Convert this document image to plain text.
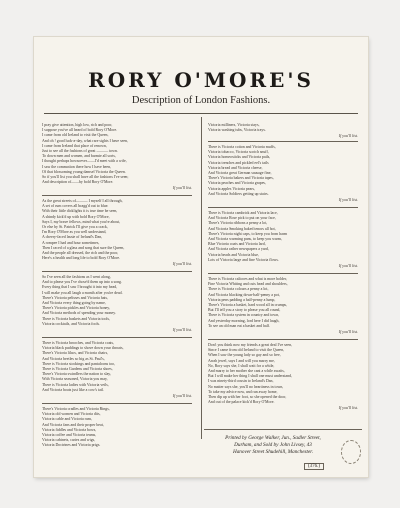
RORY O'MORE'S
Description of London Fashions.
I pray give attention, high low, rich and poor,
I suppose you've all heard of bold Rory O'More.
I came from old Ireland to visit the Queen,
And oh ! good luck-a-day, what rare sights I have seen,
I came from Ireland that place of renown,
Just to see all the fashions of great ——— town.
To down men and women, and barmie all sorts,
I thought perhaps howsoever——I'd meet with a wife,
I saw the commotion there how I have been,
Of that blossoming young damsel Victoria the Queen.
So if you'll list you shall have all the fashions I've seen;
And description of——by bold Rory O'More.
If you'll list.
As the great streets of——— I myself I all through,
A set of rum covers all bragg'd out to blue.
With their little dicklights it is true time be seen,
A shindy kick'd up with bold Rory O'More,
Says I, my brave fellows, mind what you're about,
Or else by St. Patrick I'll give you a crack,
I'm Rory O'More as you well understand,
A cheery-faced lassie of Ireland's Dan,
A rompee I had and hour sometimes,
Then I raced of a glass and song that sure the Queen,
And the people all dressed, the rich and the poor,
Here's a health and long life to bold Rory O'More.
If you'll list.
So I've seen all the fashions as I went along,
And to please you I've chose'd them up into a song.
Every thing that I saw I brought it into my head,
I will make you all laugh a month after you're dead.
There's Victoria pelisses and Victoria hats,
And Victoria every thing going by name,
There's Victoria pickles and Victoria honey,
And Victoria methods of spending your money.
There is Victoria baskets and Victoria tools,
Victoria cocktails, and Victoria fools.
If you'll list.
There is Victoria brooches, and Victoria coats,
Victoria black puddings to shove down your throats,
There's Victoria lilacs, and Victoria chairs,
And Victoria beetles so big as St. Paul's,
There is Victoria stockings and pantaloons too,
There is Victoria Gardens and Victoria shoes,
There's Victoria swindlers the nation to slay,
With Victoria seasoned, Victoria you may,
There is Victoria ladies with Victoria veils,
And Victoria boats just like a cow's tail.
If you'll list.
There's Victoria cradles and Victoria Rings,
Victoria old women and Victoria dits,
Victoria cable and Victoria rum,
And Victoria fans and their proper beat,
Victoria fiddles and Victoria bows,
Victoria coffee and Victoria teams,
Victoria cabinets, caries and wigs,
Victoria Doctrines and Victoria prigs.
Victoria milliners, Victoria stays,
Victoria washing tubs, Victoria trays.
If you'll list.
There is Victoria cotton and Victoria muffs,
Victoria tobacco, Victoria scotch snuff,
Victoria homeosticks and Victoria pails,
Victoria trenches and pickled eel's tails
Victoria bread and Victoria cheese,
And Victoria great German sausage fine,
There's Victoria bakers and Victoria tapes,
Victoria peaches and Victoria grapes,
Victoria apples Victoria pears,
And Victoria Soldiers getting up stairs.
If you'll list.
There is Victoria cambrick and Victoria lace,
And Victoria Rose pick to put on your face,
There's Victoria ribbons a penny a lot,
And Victoria Smoking baked tenors all hot,
There's Victoria night caps, to keep you from harm
And Victoria warming pans, to keep you warm,
Blue Victoria coats and Victoria lard,
And Victoria rather newspapers a yard,
Victoria beads and Victoria blue,
Lots of Victoria large and fine Victoria flows.
If you'll list.
There is Victoria calicoes and what is more bolder,
Fine Victoria Whiting and cuts head and shoulders,
There is Victoria colours a penny a lot,
And Victoria blacking down-half-penny a pot,
Victoria pens padding a half-penny a lump,
There's Victoria a basket, hard wood all in crumps,
But I'll tell you a story to please you all round,
There is Victoria system in country and town,
And yesterday morning, lord here I did laugh,
To see an old man eat a basket and half.
If you'll list.
Don't you think now my friends a great deal I've seen,
Since I came from old Ireland to visit the Queen,
When I saw the young lady so gay and so free,
Arrah jewel, says I and will you marry me,
No, Rory says she, I shall wait for a while,
And marry to her mother she cant a while awaits,
But I will make her thing I shall one must understand,
I was ninety-third cousin to Ireland's Dan,
No matter says she, you'll no heartiness in town,
To take my advice now, and run away home,
Then dip up with her foot, so she opened the door,
And out of the palace kick'd Rory O'More.
If you'll list.
Printed by George Walker, Jun., Sadler Street,
Durham, and Sold by John Livsey, 43
Hanover Street Shudehill, Manchester.
(376.)
